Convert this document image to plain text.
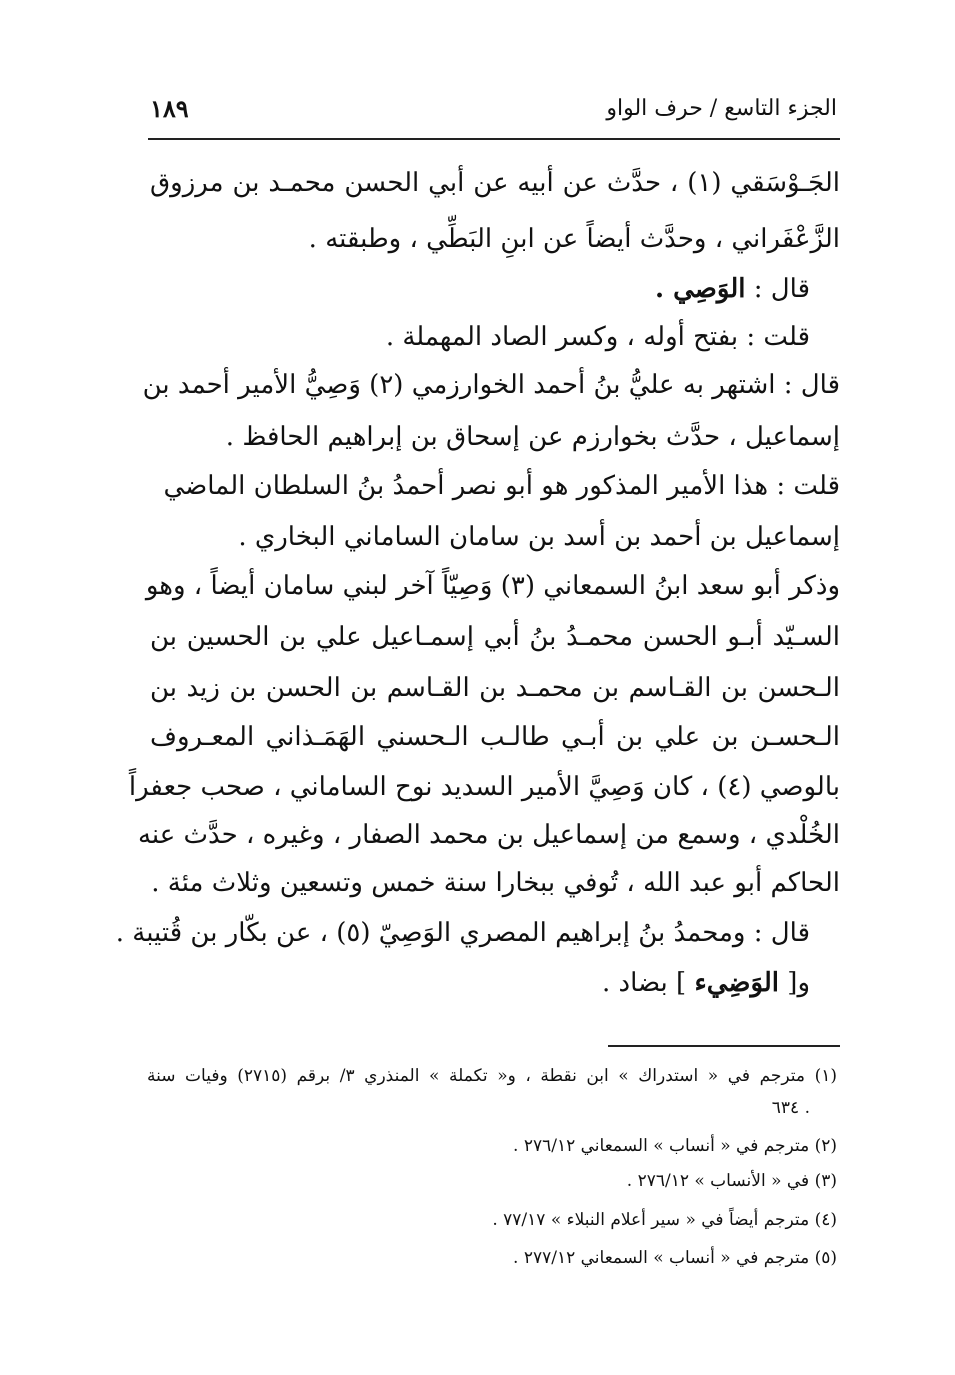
الجزء التاسع / حرف الواو
١٨٩
الجَـوْسَقي (١) ، حدَّث عن أبيه عن أبي الحسن محمـد بن مرزوق
الزَّعْفَراني ، وحدَّث أيضاً عن ابنِ البَطِّي ، وطبقته .
قال : الوَصِي .
قلت : بفتح أوله ، وكسر الصاد المهملة .
قال : اشتهر به عليُّ بنُ أحمد الخوارزمي (٢) وَصِيُّ الأمير أحمد بن
إسماعيل ، حدَّث بخوارزم عن إسحاق بن إبراهيم الحافظ .
قلت : هذا الأمير المذكور هو أبو نصر أحمدُ بنُ السلطان الماضي
إسماعيل بن أحمد بن أسد بن سامان الساماني البخاري .
وذكر أبو سعد ابنُ السمعاني (٣) وَصِيّاً آخر لبني سامان أيضاً ، وهو
السـيّد أبـو الحسن محمـدُ بنُ أبي إسمـاعيل علي بن الحسين بن
الـحسن بن القـاسم بن محمـد بن القـاسم بن الحسن بن زيد بن
الـحسـن بن علي بن أبـي طالـب الـحسني الهَمَـذاني المعـروف
بالوصي (٤) ، كان وَصِيَّ الأمير السديد نوح الساماني ، صحب جعفراً
الخُلْدي ، وسمع من إسماعيل بن محمد الصفار ، وغيره ، حدَّث عنه
الحاكم أبو عبد الله ، تُوفي ببخارا سنة خمس وتسعين وثلاث مئة .
قال : ومحمدُ بنُ إبراهيم المصري الوَصِيّ (٥) ، عن بكّار بن قُتيبة .
و[ الوَضِيء ] بضاد .
(١) مترجم في « استدراك » ابن نقطة ، و« تكملة » المنذري ٣/ برقم (٢٧١٥) وفيات سنة
. ٦٣٤
(٢) مترجم في « أنساب » السمعاني ٢٧٦/١٢ .
(٣) في « الأنساب » ٢٧٦/١٢ .
(٤) مترجم أيضاً في « سير أعلام النبلاء » ٧٧/١٧ .
(٥) مترجم في « أنساب » السمعاني ٢٧٧/١٢ .
